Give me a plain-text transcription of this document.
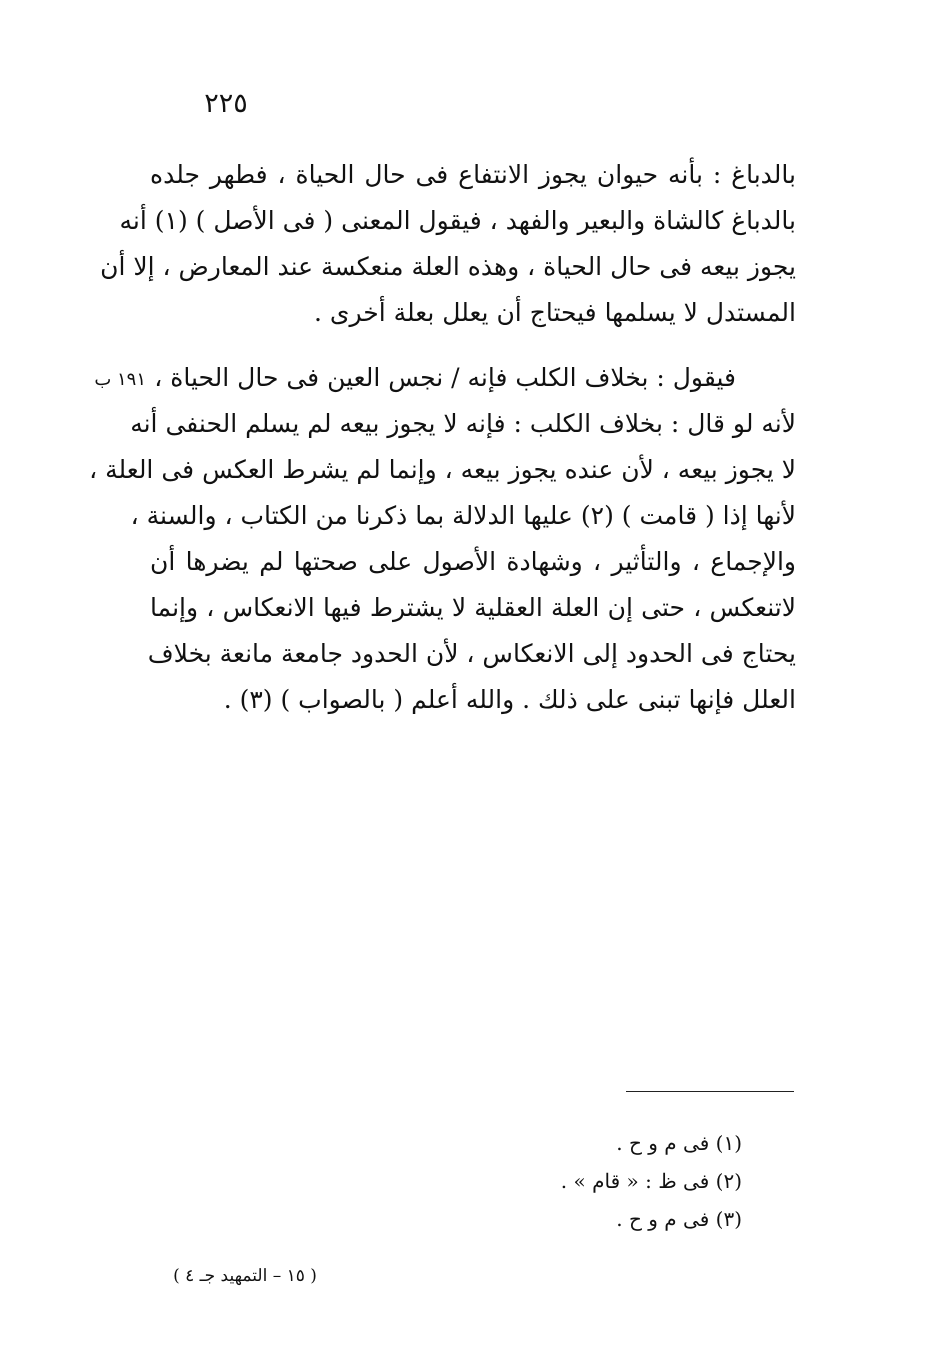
٢٢٥
بالدباغ : بأنه حيوان يجوز الانتفاع فى حال الحياة ، فطهر جلده
بالدباغ كالشاة والبعير والفهد ، فيقول المعنى ( فى الأصل ) (١) أنه
يجوز بيعه فى حال الحياة ، وهذه العلة منعكسة عند المعارض ، إلا أن
المستدل لا يسلمها فيحتاج أن يعلل بعلة أخرى .
١٩١ ب فيقول : بخلاف الكلب فإنه / نجس العين فى حال الحياة ،
لأنه لو قال : بخلاف الكلب : فإنه لا يجوز بيعه لم يسلم الحنفى أنه
لا يجوز بيعه ، لأن عنده يجوز بيعه ، وإنما لم يشرط العكس فى العلة ،
لأنها إذا ( قامت ) (٢) عليها الدلالة بما ذكرنا من الكتاب ، والسنة ،
والإجماع ، والتأثير ، وشهادة الأصول على صحتها لم يضرها أن
لاتنعكس ، حتى إن العلة العقلية لا يشترط فيها الانعكاس ، وإنما
يحتاج فى الحدود إلى الانعكاس ، لأن الحدود جامعة مانعة بخلاف
العلل فإنها تبنى على ذلك . والله أعلم ( بالصواب ) (٣) .
(١) فى م و ح .
(٢) فى ظ : « قام » .
(٣) فى م و ح .
( ١٥ – التمهيد جـ ٤ )
